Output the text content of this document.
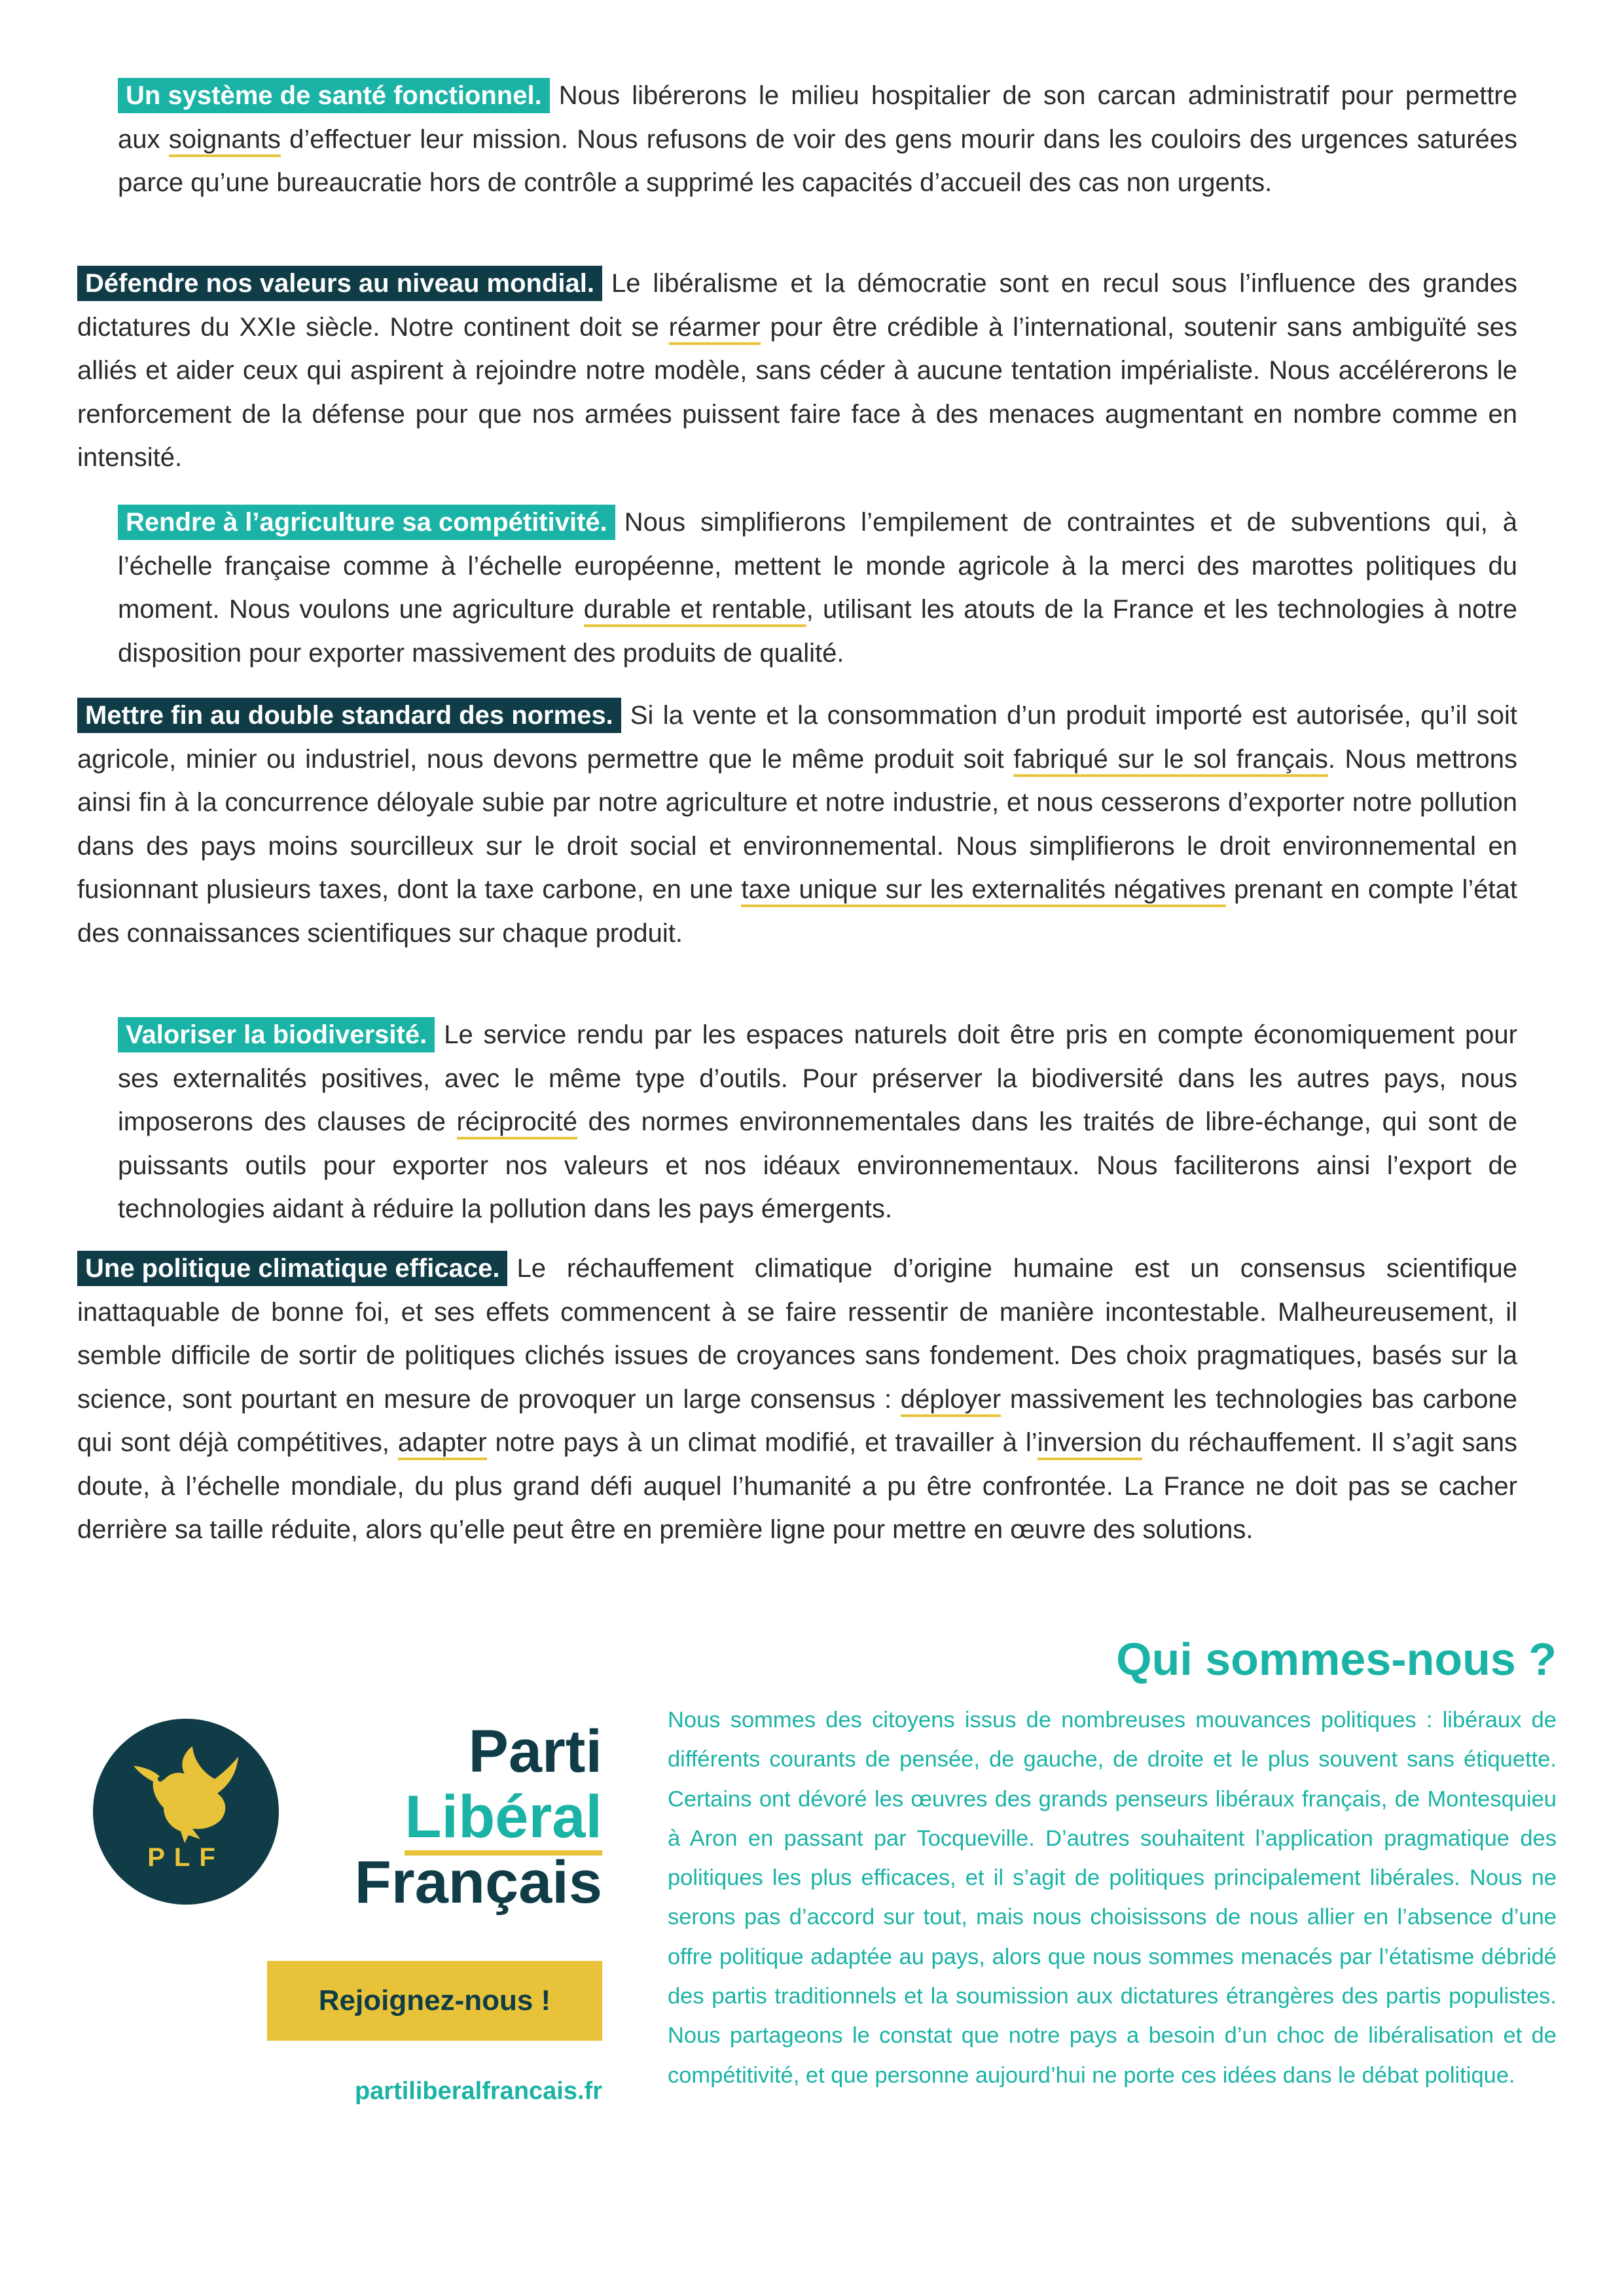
Un système de santé fonctionnel. Nous libérerons le milieu hospitalier de son carcan administratif pour permettre aux soignants d’effectuer leur mission. Nous refusons de voir des gens mourir dans les couloirs des urgences saturées parce qu’une bureaucratie hors de contrôle a supprimé les capacités d’accueil des cas non urgents.

Défendre nos valeurs au niveau mondial. Le libéralisme et la démocratie sont en recul sous l’influence des grandes dictatures du XXIe siècle. Notre continent doit se réarmer pour être crédible à l’international, soutenir sans ambiguïté ses alliés et aider ceux qui aspirent à rejoindre notre modèle, sans céder à aucune tentation impérialiste. Nous accélérerons le renforcement de la défense pour que nos armées puissent faire face à des menaces augmentant en nombre comme en intensité.

Rendre à l’agriculture sa compétitivité. Nous simplifierons l’empilement de contraintes et de subventions qui, à l’échelle française comme à l’échelle européenne, mettent le monde agricole à la merci des marottes politiques du moment. Nous voulons une agriculture durable et rentable, utilisant les atouts de la France et les technologies à notre disposition pour exporter massivement des produits de qualité.

Mettre fin au double standard des normes. Si la vente et la consommation d’un produit importé est autorisée, qu’il soit agricole, minier ou industriel, nous devons permettre que le même produit soit fabriqué sur le sol français. Nous mettrons ainsi fin à la concurrence déloyale subie par notre agriculture et notre industrie, et nous cesserons d’exporter notre pollution dans des pays moins sourcilleux sur le droit social et environnemental. Nous simplifierons le droit environnemental en fusionnant plusieurs taxes, dont la taxe carbone, en une taxe unique sur les externalités négatives prenant en compte l’état des connaissances scientifiques sur chaque produit.

Valoriser la biodiversité. Le service rendu par les espaces naturels doit être pris en compte économiquement pour ses externalités positives, avec le même type d’outils. Pour préserver la biodiversité dans les autres pays, nous imposerons des clauses de réciprocité des normes environnementales dans les traités de libre-échange, qui sont de puissants outils pour exporter nos valeurs et nos idéaux environnementaux. Nous faciliterons ainsi l’export de technologies aidant à réduire la pollution dans les pays émergents.

Une politique climatique efficace. Le réchauffement climatique d’origine humaine est un consensus scientifique inattaquable de bonne foi, et ses effets commencent à se faire ressentir de manière incontestable. Malheureusement, il semble difficile de sortir de politiques clichés issues de croyances sans fondement. Des choix pragmatiques, basés sur la science, sont pourtant en mesure de provoquer un large consensus : déployer massivement les technologies bas carbone qui sont déjà compétitives, adapter notre pays à un climat modifié, et travailler à l’inversion du réchauffement. Il s’agit sans doute, à l’échelle mondiale, du plus grand défi auquel l’humanité a pu être confrontée. La France ne doit pas se cacher derrière sa taille réduite, alors qu’elle peut être en première ligne pour mettre en œuvre des solutions.

Qui sommes-nous ?

Nous sommes des citoyens issus de nombreuses mouvances politiques : libéraux de différents courants de pensée, de gauche, de droite et le plus souvent sans étiquette. Certains ont dévoré les œuvres des grands penseurs libéraux français, de Montesquieu à Aron en passant par Tocqueville. D’autres souhaitent l’application pragmatique des politiques les plus efficaces, et il s’agit de politiques principalement libérales. Nous ne serons pas d’accord sur tout, mais nous choisissons de nous allier en l’absence d’une offre politique adaptée au pays, alors que nous sommes menacés par l’étatisme débridé des partis traditionnels et la soumission aux dictatures étrangères des partis populistes. Nous partageons le constat que notre pays a besoin d’un choc de libéralisation et de compétitivité, et que personne aujourd’hui ne porte ces idées dans le débat politique.

PLF

Parti

Libéral

Français

Rejoignez-nous !
partiliberalfrancais.fr
